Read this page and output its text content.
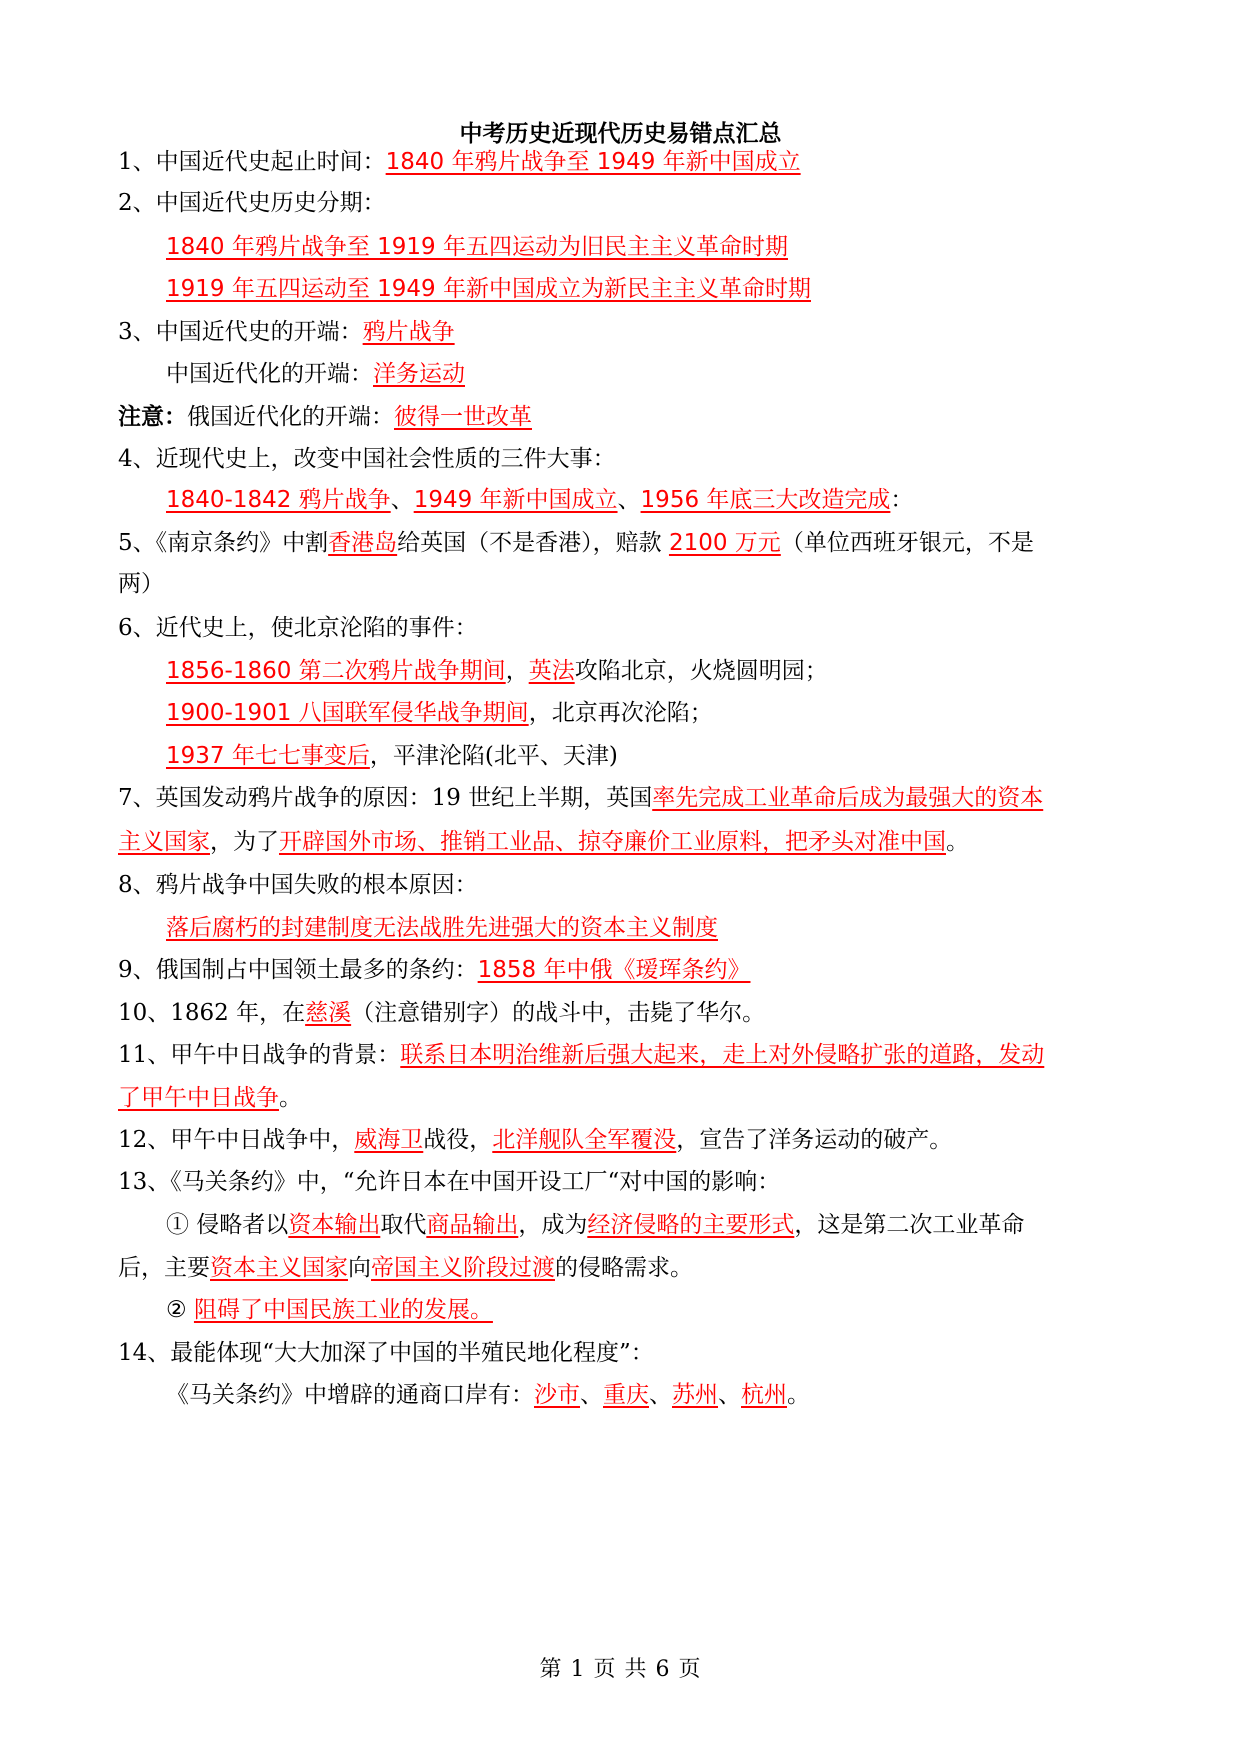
中考历史近现代历史易错点汇总
1、中国近代史起止时间：1840 年鸦片战争至 1949 年新中国成立
2、中国近代史历史分期：
1840 年鸦片战争至 1919 年五四运动为旧民主主义革命时期
1919 年五四运动至 1949 年新中国成立为新民主主义革命时期
3、中国近代史的开端：鸦片战争
中国近代化的开端：洋务运动
注意：俄国近代化的开端：彼得一世改革
4、近现代史上，改变中国社会性质的三件大事：
1840-1842 鸦片战争、1949 年新中国成立、1956 年底三大改造完成：
5、《南京条约》中割香港岛给英国（不是香港），赔款 2100 万元（单位西班牙银元，不是
两）
6、近代史上，使北京沦陷的事件：
1856-1860 第二次鸦片战争期间，英法攻陷北京，火烧圆明园；
1900-1901 八国联军侵华战争期间，北京再次沦陷；
1937 年七七事变后，平津沦陷(北平、天津)
7、英国发动鸦片战争的原因：19 世纪上半期，英国率先完成工业革命后成为最强大的资本
主义国家，为了开辟国外市场、推销工业品、掠夺廉价工业原料，把矛头对准中国。
8、鸦片战争中国失败的根本原因：
落后腐朽的封建制度无法战胜先进强大的资本主义制度
9、俄国制占中国领土最多的条约：1858 年中俄《瑷珲条约》
10、1862 年，在慈溪（注意错别字）的战斗中，击毙了华尔。
11、甲午中日战争的背景：联系日本明治维新后强大起来，走上对外侵略扩张的道路，发动
了甲午中日战争。
12、甲午中日战争中，威海卫战役，北洋舰队全军覆没，宣告了洋务运动的破产。
13、《马关条约》中，“允许日本在中国开设工厂“对中国的影响：
① 侵略者以资本输出取代商品输出，成为经济侵略的主要形式，这是第二次工业革命
后，主要资本主义国家向帝国主义阶段过渡的侵略需求。
② 阻碍了中国民族工业的发展。
14、最能体现“大大加深了中国的半殖民地化程度”：
《马关条约》中增辟的通商口岸有：沙市、重庆、苏州、杭州。
第 1 页 共 6 页
